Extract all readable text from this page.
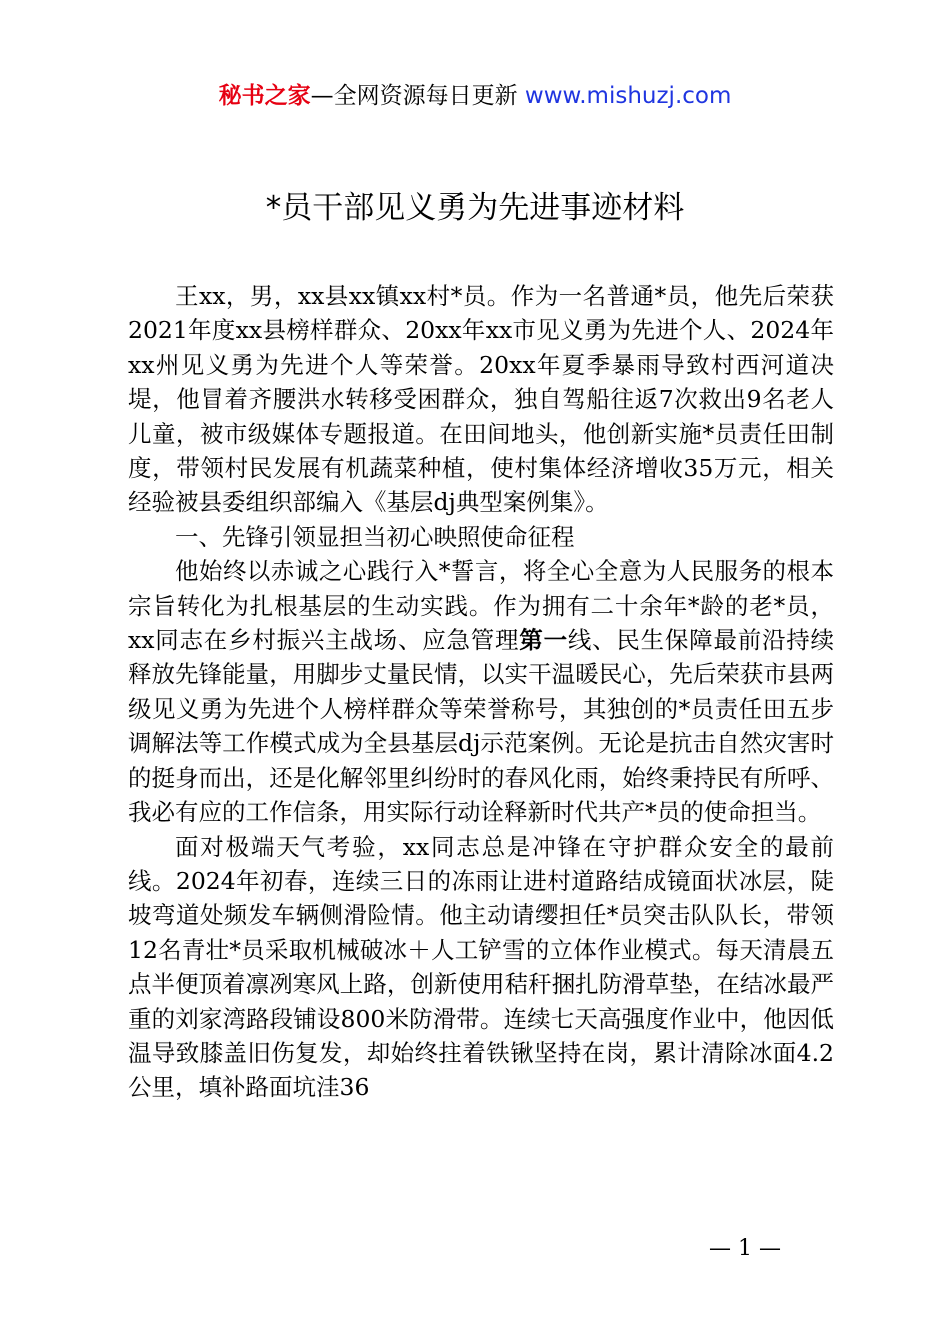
秘书之家—全网资源每日更新 www.mishuzj.com
*员干部见义勇为先进事迹材料

王xx，男，xx县xx镇xx村*员。作为一名普通*员，他先后荣获2021年度xx县榜样群众、20xx年xx市见义勇为先进个人、2024年xx州见义勇为先进个人等荣誉。20xx年夏季暴雨导致村西河道决堤，他冒着齐腰洪水转移受困群众，独自驾船往返7次救出9名老人儿童，被市级媒体专题报道。在田间地头，他创新实施*员责任田制度，带领村民发展有机蔬菜种植，使村集体经济增收35万元，相关经验被县委组织部编入《基层dj典型案例集》。

一、先锋引领显担当初心映照使命征程

他始终以赤诚之心践行入*誓言，将全心全意为人民服务的根本宗旨转化为扎根基层的生动实践。作为拥有二十余年*龄的老*员，xx同志在乡村振兴主战场、应急管理第一线、民生保障最前沿持续释放先锋能量，用脚步丈量民情，以实干温暖民心，先后荣获市县两级见义勇为先进个人榜样群众等荣誉称号，其独创的*员责任田五步调解法等工作模式成为全县基层dj示范案例。无论是抗击自然灾害时的挺身而出，还是化解邻里纠纷时的春风化雨，始终秉持民有所呼、我必有应的工作信条，用实际行动诠释新时代共产*员的使命担当。

面对极端天气考验，xx同志总是冲锋在守护群众安全的最前线。2024年初春，连续三日的冻雨让进村道路结成镜面状冰层，陡坡弯道处频发车辆侧滑险情。他主动请缨担任*员突击队队长，带领12名青壮*员采取机械破冰＋人工铲雪的立体作业模式。每天清晨五点半便顶着凛冽寒风上路，创新使用秸秆捆扎防滑草垫，在结冰最严重的刘家湾路段铺设800米防滑带。连续七天高强度作业中，他因低温导致膝盖旧伤复发，却始终拄着铁锹坚持在岗，累计清除冰面4.2公里，填补路面坑洼36

— 1 —
